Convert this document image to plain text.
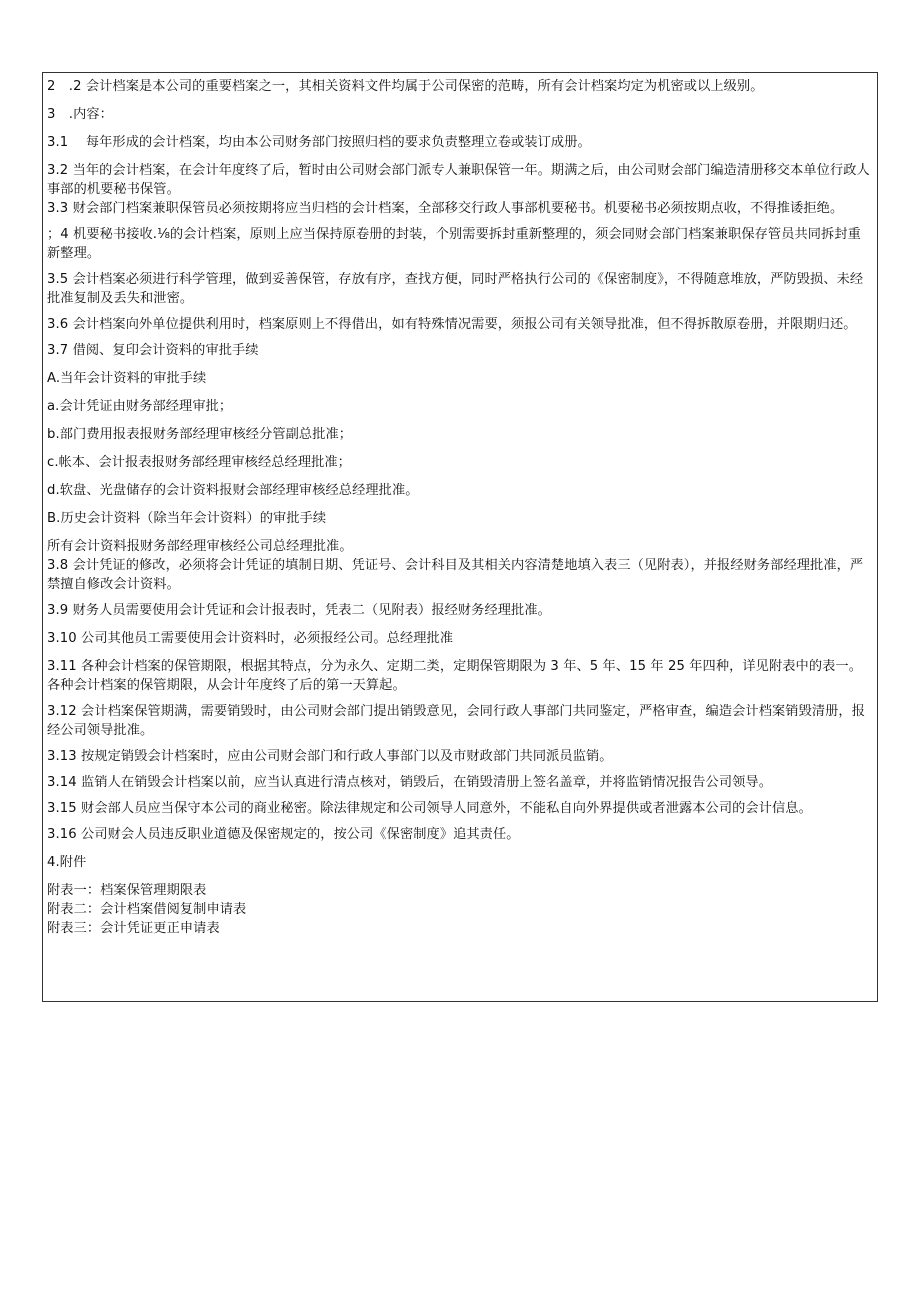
2　.2 会计档案是本公司的重要档案之一，其相关资料文件均属于公司保密的范畴，所有会计档案均定为机密或以上级别。

3　.内容：

3.1　 每年形成的会计档案，均由本公司财务部门按照归档的要求负责整理立卷或装订成册。

3.2 当年的会计档案，在会计年度终了后，暂时由公司财会部门派专人兼职保管一年。期满之后，由公司财会部门编造清册移交本单位行政人事部的机要秘书保管。

3.3 财会部门档案兼职保管员必须按期将应当归档的会计档案，全部移交行政人事部机要秘书。机要秘书必须按期点收，不得推诿拒绝。

；4 机要秘书接收.⅛的会计档案，原则上应当保持原卷册的封装，个别需要拆封重新整理的，须会同财会部门档案兼职保存管员共同拆封重新整理。

3.5 会计档案必须进行科学管理，做到妥善保管，存放有序，查找方便，同时严格执行公司的《保密制度》，不得随意堆放，严防毁损、未经批准复制及丢失和泄密。

3.6 会计档案向外单位提供利用时，档案原则上不得借出，如有特殊情况需要，须报公司有关领导批准，但不得拆散原卷册，并限期归还。

3.7 借阅、复印会计资料的审批手续

A.当年会计资料的审批手续

a.会计凭证由财务部经理审批；

b.部门费用报表报财务部经理审核经分管副总批准；

c.帐本、会计报表报财务部经理审核经总经理批准；

d.软盘、光盘储存的会计资料报财会部经理审核经总经理批准。

B.历史会计资料（除当年会计资料）的审批手续

所有会计资料报财务部经理审核经公司总经理批准。

3.8 会计凭证的修改，必须将会计凭证的填制日期、凭证号、会计科目及其相关内容清楚地填入表三（见附表），并报经财务部经理批准，严禁擅自修改会计资料。

3.9 财务人员需要使用会计凭证和会计报表时，凭表二（见附表）报经财务经理批准。

3.10 公司其他员工需要使用会计资料时，必须报经公司。总经理批准

3.11 各种会计档案的保管期限，根据其特点，分为永久、定期二类，定期保管期限为 3 年、5 年、15 年 25 年四种，详见附表中的表一。各种会计档案的保管期限，从会计年度终了后的第一天算起。

3.12 会计档案保管期满，需要销毁时，由公司财会部门提出销毁意见，会同行政人事部门共同鉴定，严格审查，编造会计档案销毁清册，报经公司领导批准。

3.13 按规定销毁会计档案时，应由公司财会部门和行政人事部门以及市财政部门共同派员监销。

3.14 监销人在销毁会计档案以前，应当认真进行清点核对，销毁后，在销毁清册上签名盖章，并将监销情况报告公司领导。

3.15 财会部人员应当保守本公司的商业秘密。除法律规定和公司领导人同意外，不能私自向外界提供或者泄露本公司的会计信息。

3.16 公司财会人员违反职业道德及保密规定的，按公司《保密制度》追其责任。

4.附件

附表一：档案保管理期限表

附表二：会计档案借阅复制申请表

附表三：会计凭证更正申请表
